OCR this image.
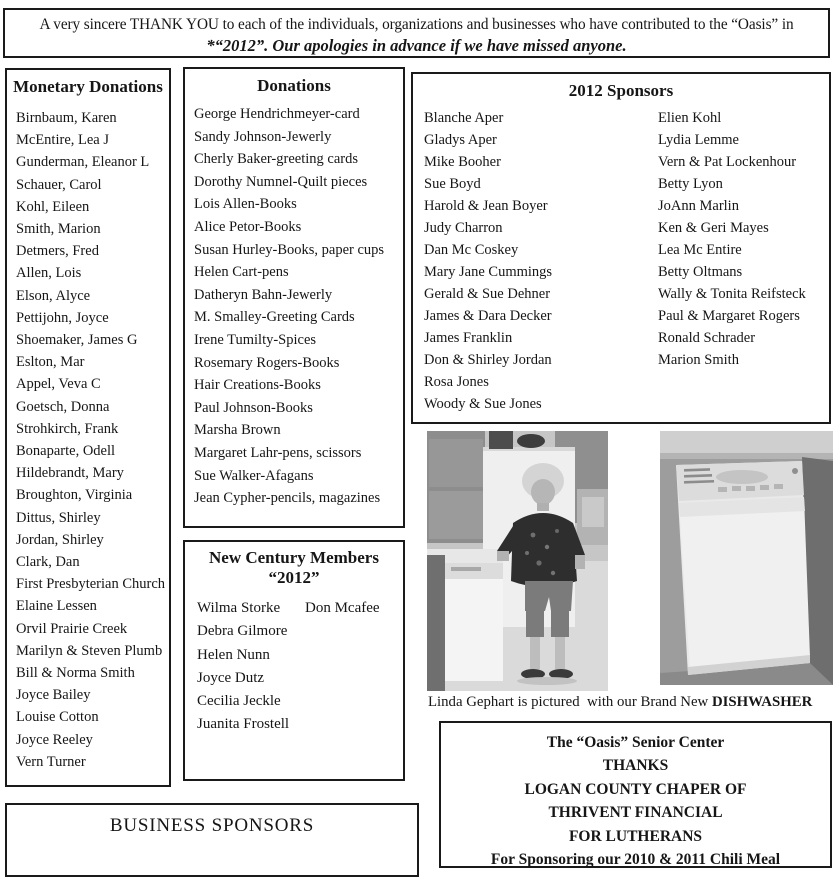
A very sincere THANK YOU to each of the individuals, organizations and businesses who have contributed to the “Oasis” in
*“2012”. Our apologies in advance if we have missed anyone.
Monetary Donations
Birnbaum, Karen
McEntire, Lea J
Gunderman, Eleanor L
Schauer, Carol
Kohl, Eileen
Smith, Marion
Detmers, Fred
Allen, Lois
Elson, Alyce
Pettijohn, Joyce
Shoemaker, James G
Eslton, Mar
Appel, Veva C
Goetsch, Donna
Strohkirch, Frank
Bonaparte, Odell
Hildebrandt, Mary
Broughton, Virginia
Dittus, Shirley
Jordan, Shirley
Clark, Dan
First Presbyterian Church
Elaine Lessen
Orvil Prairie Creek
Marilyn & Steven Plumb
Bill & Norma Smith
Joyce Bailey
Louise Cotton
Joyce Reeley
Vern Turner
Donations
George Hendrichmeyer-card
Sandy Johnson-Jewerly
Cherly Baker-greeting cards
Dorothy Numnel-Quilt pieces
Lois Allen-Books
Alice Petor-Books
Susan Hurley-Books, paper cups
Helen Cart-pens
Datheryn Bahn-Jewerly
M. Smalley-Greeting Cards
Irene Tumilty-Spices
Rosemary Rogers-Books
Hair Creations-Books
Paul Johnson-Books
Marsha Brown
Margaret Lahr-pens, scissors
Sue Walker-Afagans
Jean Cypher-pencils, magazines
New Century Members
“2012”
Wilma Storke
Debra Gilmore
Helen Nunn
Joyce Dutz
Cecilia Jeckle
Juanita Frostell
Don Mcafee
2012 Sponsors
Blanche Aper
Gladys Aper
Mike Booher
Sue Boyd
Harold & Jean Boyer
Judy Charron
Dan Mc Coskey
Mary Jane Cummings
Gerald & Sue Dehner
James & Dara Decker
James Franklin
Don & Shirley Jordan
Rosa Jones
Woody & Sue Jones
Elien Kohl
Lydia Lemme
Vern & Pat Lockenhour
Betty Lyon
JoAnn Marlin
Ken & Geri Mayes
Lea Mc Entire
Betty Oltmans
Wally & Tonita Reifsteck
Paul & Margaret Rogers
Ronald Schrader
Marion Smith
Linda Gephart is pictured  with our Brand New DISHWASHER
The “Oasis” Senior Center
THANKS
LOGAN COUNTY CHAPER OF
THRIVENT FINANCIAL
FOR LUTHERANS
For Sponsoring our 2010 & 2011 Chili Meal
BUSINESS SPONSORS
